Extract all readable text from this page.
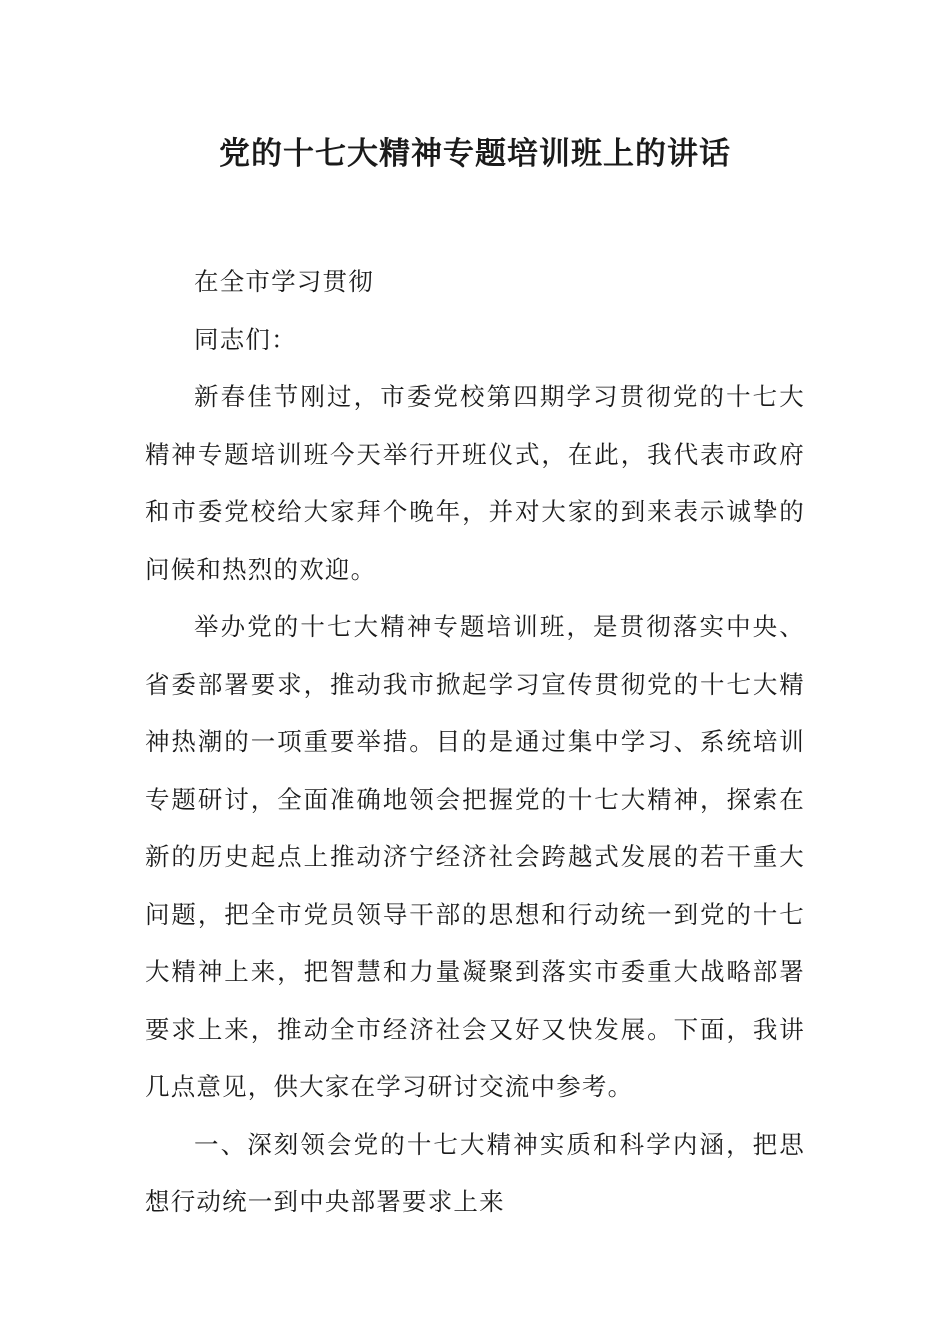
党的十七大精神专题培训班上的讲话

在全市学习贯彻

同志们：

新春佳节刚过，市委党校第四期学习贯彻党的十七大精神专题培训班今天举行开班仪式，在此，我代表市政府和市委党校给大家拜个晚年，并对大家的到来表示诚挚的问候和热烈的欢迎。

举办党的十七大精神专题培训班，是贯彻落实中央、省委部署要求，推动我市掀起学习宣传贯彻党的十七大精神热潮的一项重要举措。目的是通过集中学习、系统培训专题研讨，全面准确地领会把握党的十七大精神，探索在新的历史起点上推动济宁经济社会跨越式发展的若干重大问题，把全市党员领导干部的思想和行动统一到党的十七大精神上来，把智慧和力量凝聚到落实市委重大战略部署要求上来，推动全市经济社会又好又快发展。下面，我讲几点意见，供大家在学习研讨交流中参考。

一、深刻领会党的十七大精神实质和科学内涵，把思想行动统一到中央部署要求上来
